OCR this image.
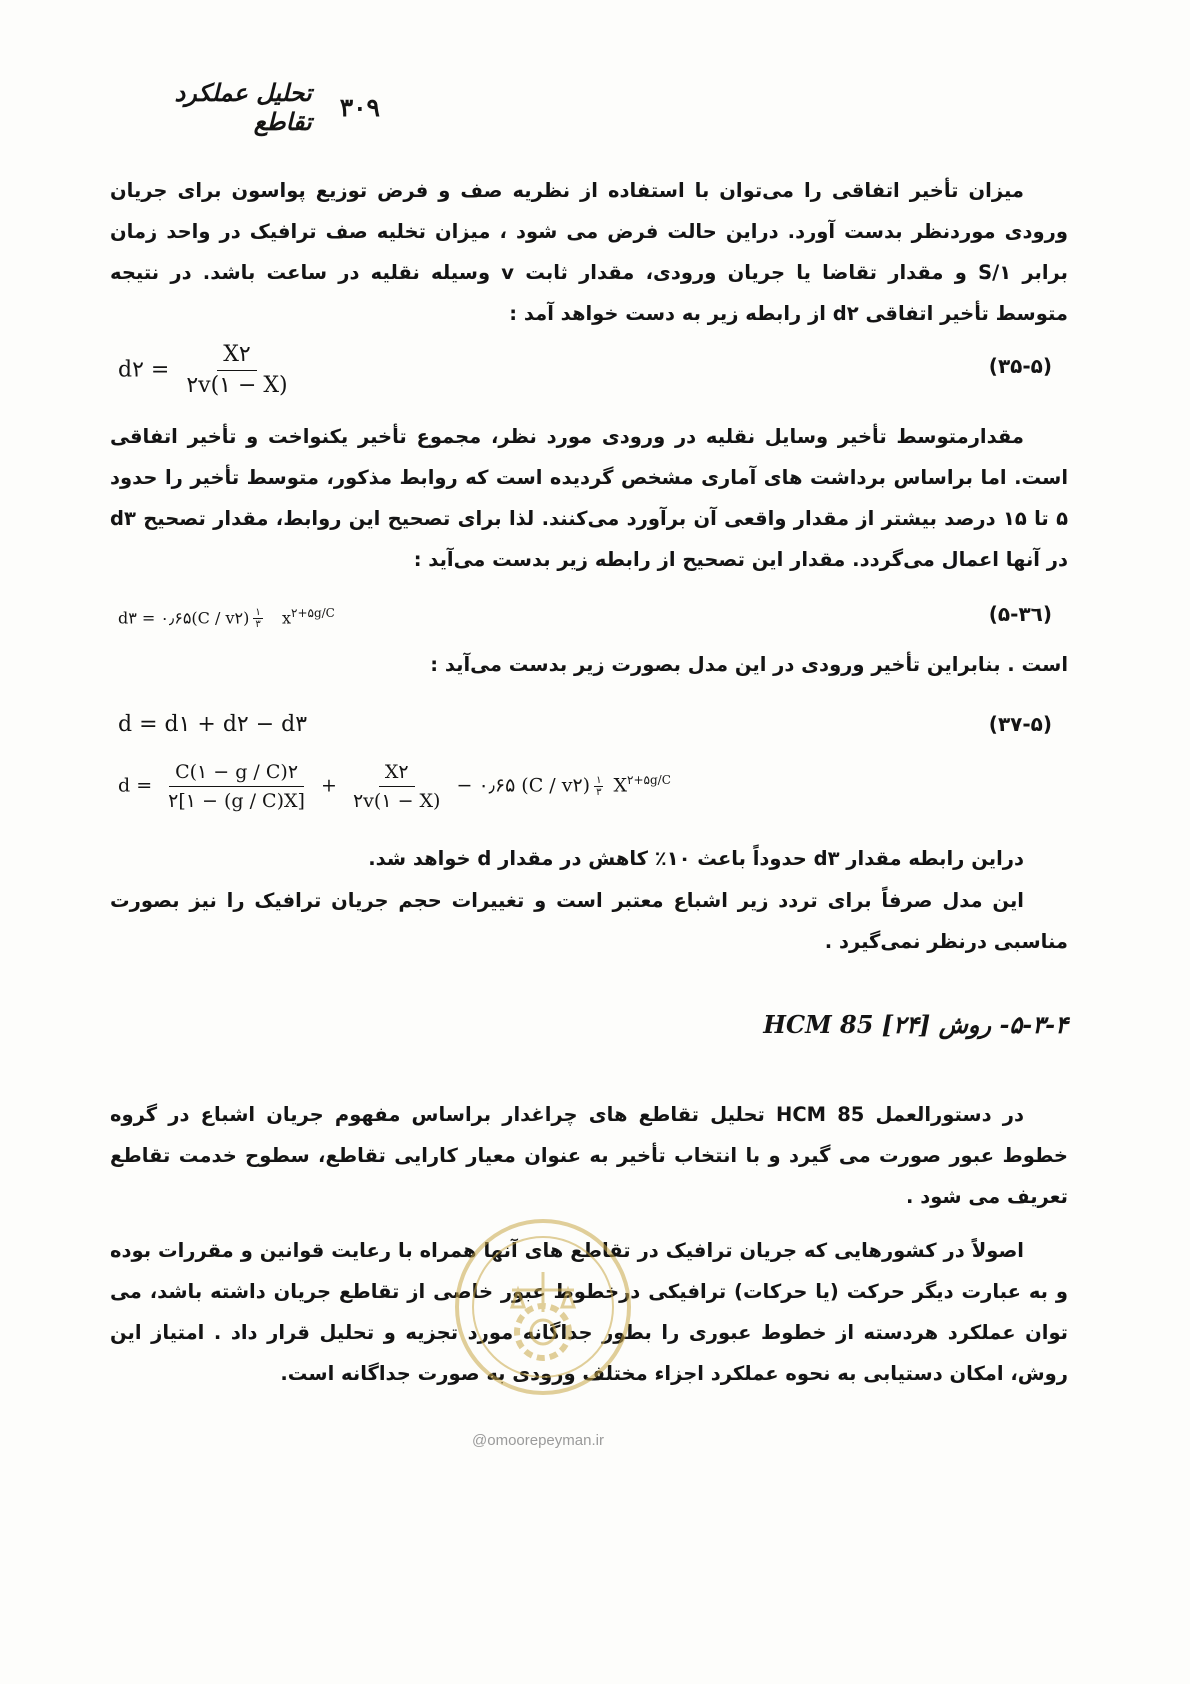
۳۰۹
تحلیل عملکرد تقاطع

میزان تأخیر اتفاقی را می‌توان با استفاده از نظریه صف و فرض توزیع پواسون برای جریان ورودی موردنظر بدست آورد. دراین حالت فرض می شود ، میزان تخلیه صف ترافیک در واحد زمان برابر ۱/S و مقدار تقاضا یا جریان ورودی، مقدار ثابت v وسیله نقلیه در ساعت باشد. در نتیجه متوسط تأخیر اتفاقی d۲ از رابطه زیر به دست خواهد آمد :

d۲ = $\frac{X۲}{۲v(۱ - X)}$	(۳۵-۵)

مقدارمتوسط تأخیر وسایل نقلیه در ورودی مورد نظر، مجموع تأخیر یکنواخت و تأخیر اتفاقی است. اما براساس برداشت های آماری مشخص گردیده است که روابط مذکور، متوسط تأخیر را حدود ۵ تا ۱۵ درصد بیشتر از مقدار واقعی آن برآورد می‌کنند. لذا برای تصحیح این روابط، مقدار تصحیح d۳ در آنها اعمال می‌گردد. مقدار این تصحیح از رابطه زیر بدست می‌آید :

d۳ = ۰٫۶۵(C / v۲) $\frac{۱}{۳} x^{۲+۵g/C}$	(۳٦-۵)

است . بنابراین تأخیر ورودی در این مدل بصورت زیر بدست می‌آید :

d = d۱ + d۲ − d۳	(۳۷-۵)
$d = \frac{C(۱ - g / C)۲}{۲[۱ - (g / C)X]} + \frac{X۲}{۲v(۱ - X)}$ − ۰٫۶۵ (C / v۲) $\frac{۱}{۳} X^{۲+۵g/C}$

دراین رابطه مقدار d۳ حدوداً باعث ۱۰٪ کاهش در مقدار d خواهد شد.

این مدل صرفاً برای تردد زیر اشباع معتبر است و تغییرات حجم جریان ترافیک را نیز بصورت مناسبی درنظر نمی‌گیرد .

۵-۳-۴- روش HCM 85 [۲۴]

در دستورالعمل HCM 85 تحلیل تقاطع های چراغدار براساس مفهوم جریان اشباع در گروه خطوط عبور صورت می گیرد و با انتخاب تأخیر به عنوان معیار کارایی تقاطع، سطوح خدمت تقاطع تعریف می شود .

اصولاً در کشورهایی که جریان ترافیک در تقاطع های آنها همراه با رعایت قوانین و مقررات بوده و به عبارت دیگر حرکت (یا حرکات) ترافیکی درخطوط عبور خاصی از تقاطع جریان داشته باشد، می توان عملکرد هردسته از خطوط عبوری را بطور جداگانه مورد تجزیه و تحلیل قرار داد . امتیاز این روش، امکان دستیابی به نحوه عملکرد اجزاء مختلف ورودی به صورت جداگانه است.

@omoorepeyman.ir
